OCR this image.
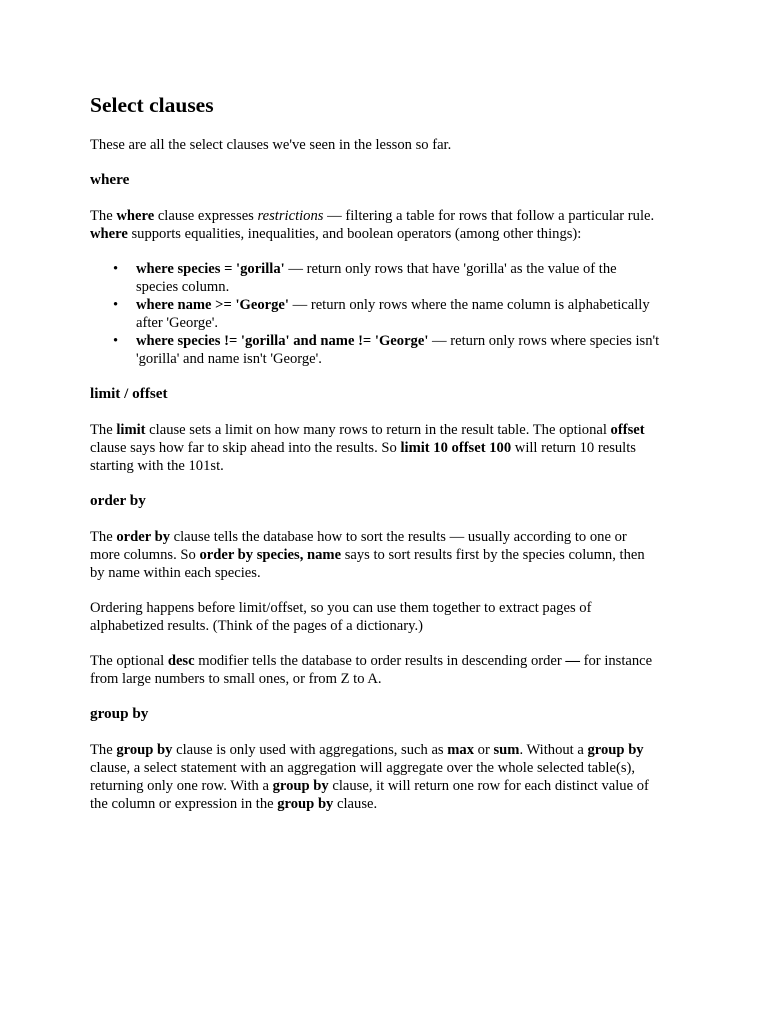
Select clauses

These are all the select clauses we've seen in the lesson so far.

where

The where clause expresses restrictions — filtering a table for rows that follow a particular rule.
where supports equalities, inequalities, and boolean operators (among other things):

• where species = 'gorilla' — return only rows that have 'gorilla' as the value of the
species column.
• where name >= 'George' — return only rows where the name column is alphabetically
after 'George'.
• where species != 'gorilla' and name != 'George' — return only rows where species isn't
'gorilla' and name isn't 'George'.
limit / offset

The limit clause sets a limit on how many rows to return in the result table. The optional offset
clause says how far to skip ahead into the results. So limit 10 offset 100 will return 10 results
starting with the 101st.

order by

The order by clause tells the database how to sort the results — usually according to one or
more columns. So order by species, name says to sort results first by the species column, then
by name within each species.

Ordering happens before limit/offset, so you can use them together to extract pages of
alphabetized results. (Think of the pages of a dictionary.)

The optional desc modifier tells the database to order results in descending order — for instance
from large numbers to small ones, or from Z to A.

group by

The group by clause is only used with aggregations, such as max or sum. Without a group by
clause, a select statement with an aggregation will aggregate over the whole selected table(s),
returning only one row. With a group by clause, it will return one row for each distinct value of
the column or expression in the group by clause.
